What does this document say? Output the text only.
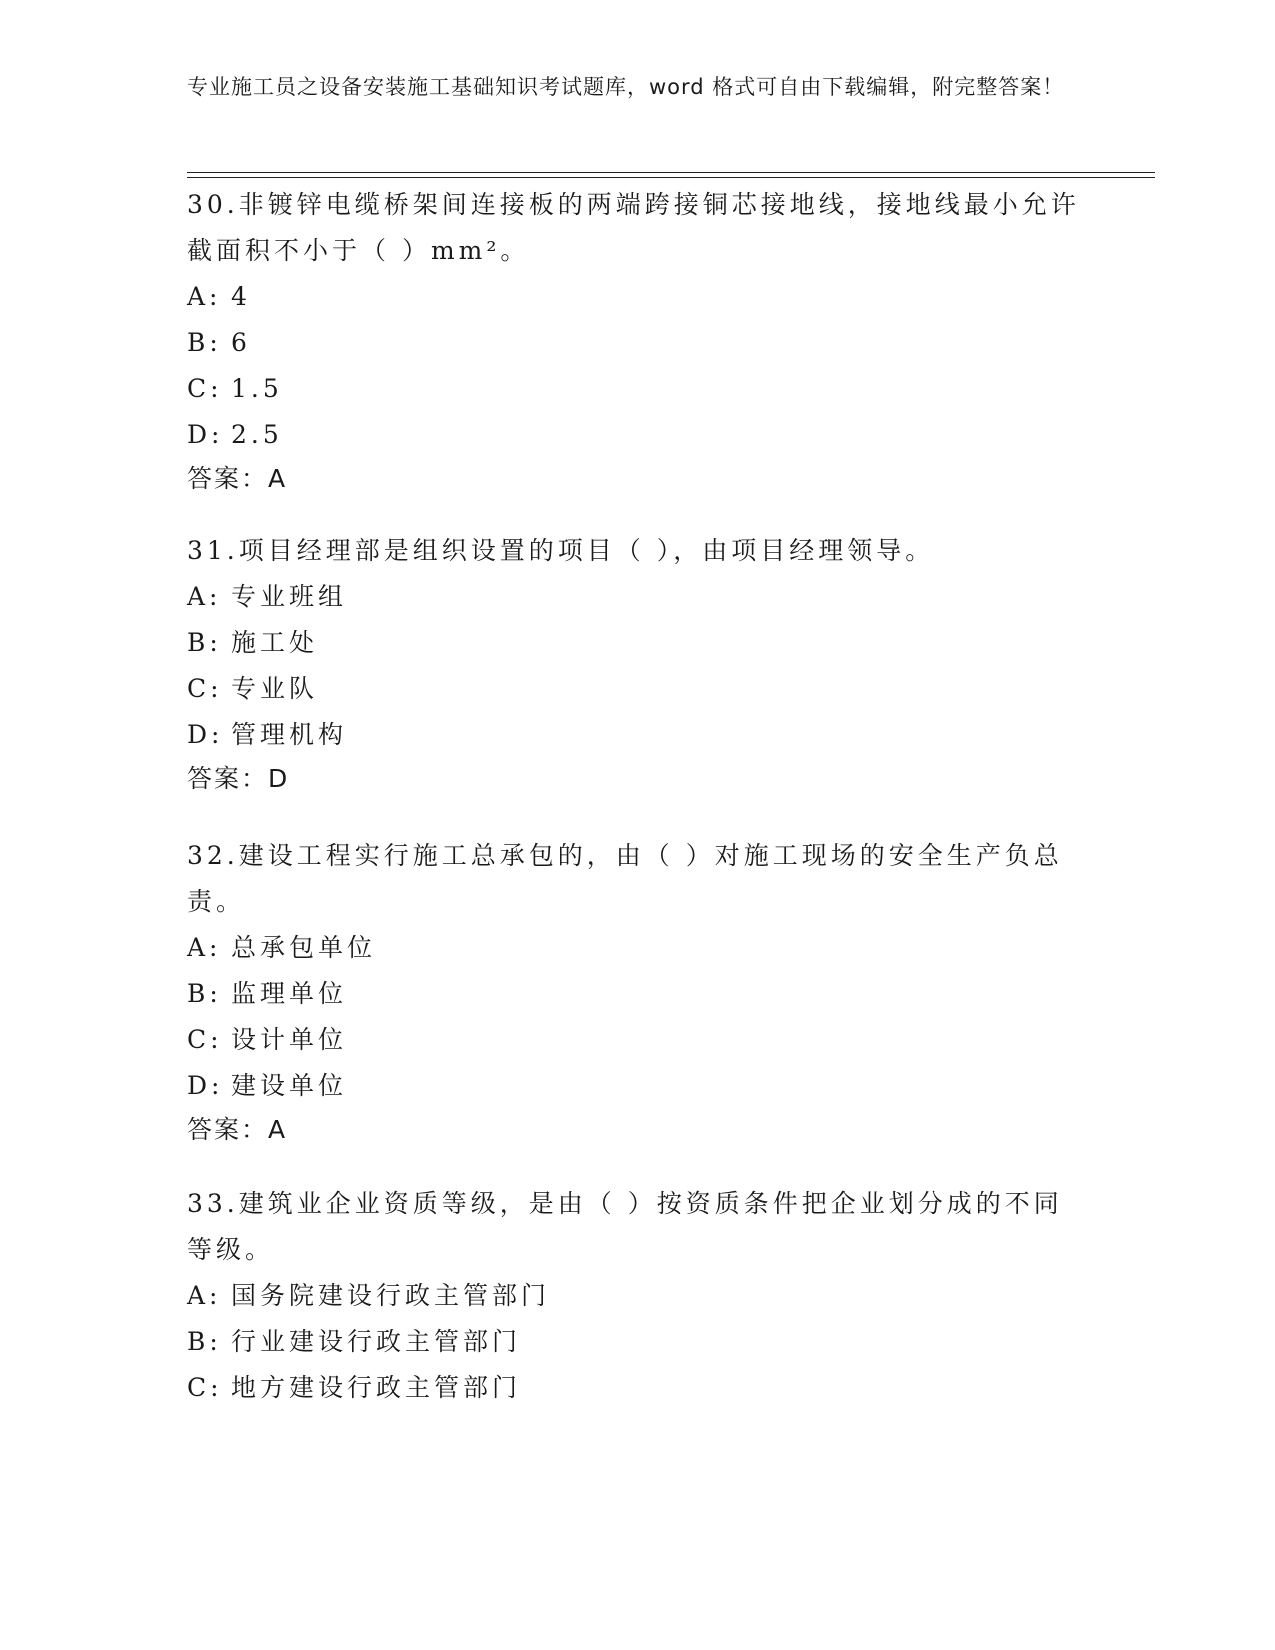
专业施工员之设备安装施工基础知识考试题库，word 格式可自由下载编辑，附完整答案！
30.非镀锌电缆桥架间连接板的两端跨接铜芯接地线，接地线最小允许截面积不小于（ ）mm²。
A: 4
B: 6
C: 1.5
D: 2.5
答案：A
31.项目经理部是组织设置的项目（ ），由项目经理领导。
A: 专业班组
B: 施工处
C: 专业队
D: 管理机构
答案：D
32.建设工程实行施工总承包的，由（ ）对施工现场的安全生产负总责。
A: 总承包单位
B: 监理单位
C: 设计单位
D: 建设单位
答案：A
33.建筑业企业资质等级，是由（ ）按资质条件把企业划分成的不同等级。
A: 国务院建设行政主管部门
B: 行业建设行政主管部门
C: 地方建设行政主管部门
